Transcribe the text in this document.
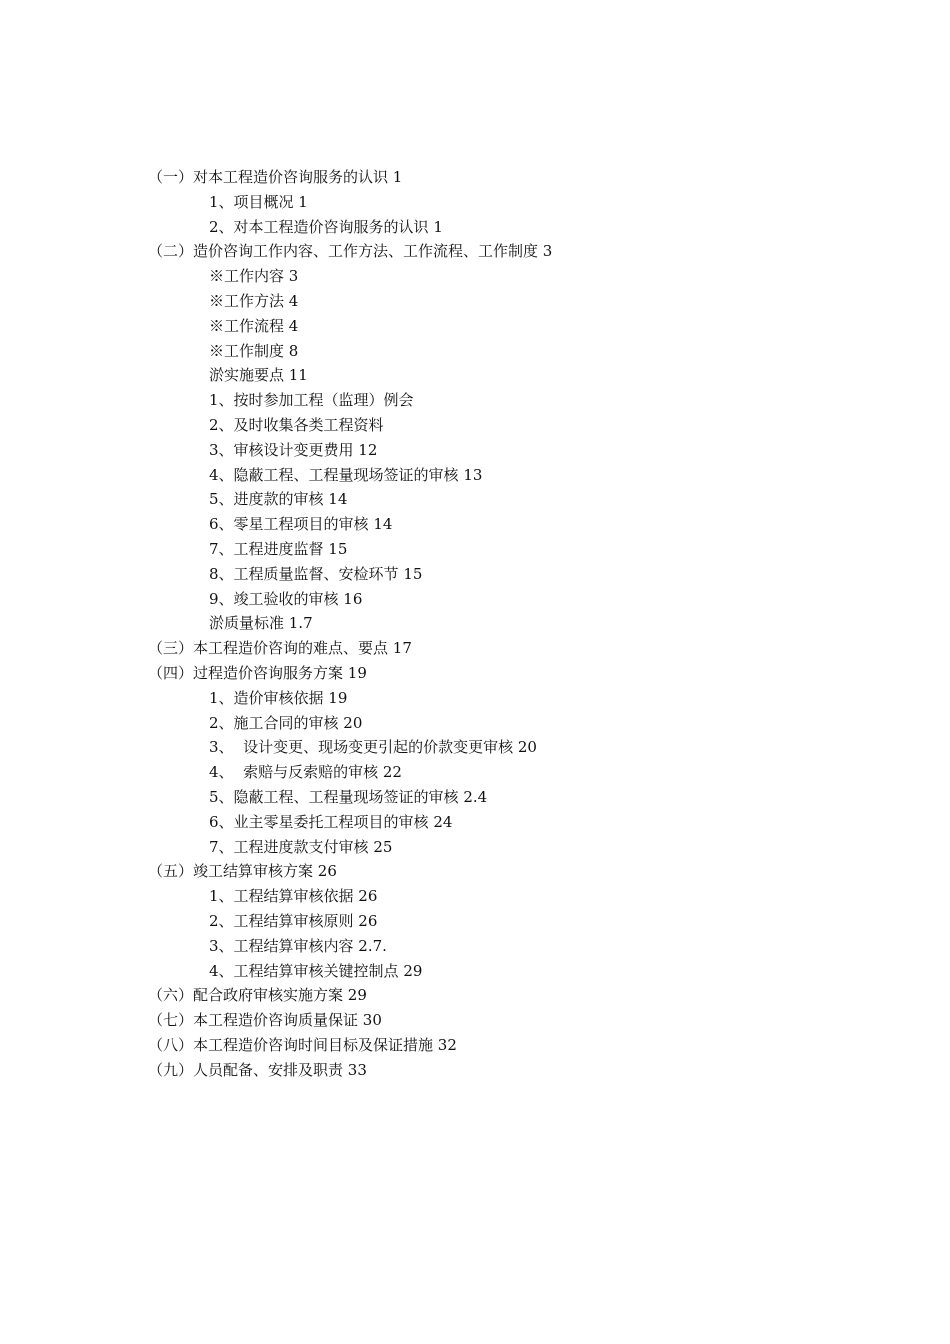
（一）对本工程造价咨询服务的认识 1
1、项目概况 1
2、对本工程造价咨询服务的认识 1
（二）造价咨询工作内容、工作方法、工作流程、工作制度 3
※工作内容 3
※工作方法 4
※工作流程 4
※工作制度 8
淤实施要点 11
1、按时参加工程（监理）例会
2、及时收集各类工程资料
3、审核设计变更费用 12
4、隐蔽工程、工程量现场签证的审核 13
5、进度款的审核 14
6、零星工程项目的审核 14
7、工程进度监督 15
8、工程质量监督、安检环节 15
9、竣工验收的审核 16
淤质量标准 1.7
（三）本工程造价咨询的难点、要点 17
（四）过程造价咨询服务方案 19
1、造价审核依据 19
2、施工合同的审核 20
3、  设计变更、现场变更引起的价款变更审核 20
4、  索赔与反索赔的审核 22
5、隐蔽工程、工程量现场签证的审核 2.4
6、业主零星委托工程项目的审核 24
7、工程进度款支付审核 25
（五）竣工结算审核方案 26
1、工程结算审核依据 26
2、工程结算审核原则 26
3、工程结算审核内容 2.7.
4、工程结算审核关键控制点 29
（六）配合政府审核实施方案 29
（七）本工程造价咨询质量保证 30
（八）本工程造价咨询时间目标及保证措施 32
（九）人员配备、安排及职责 33
